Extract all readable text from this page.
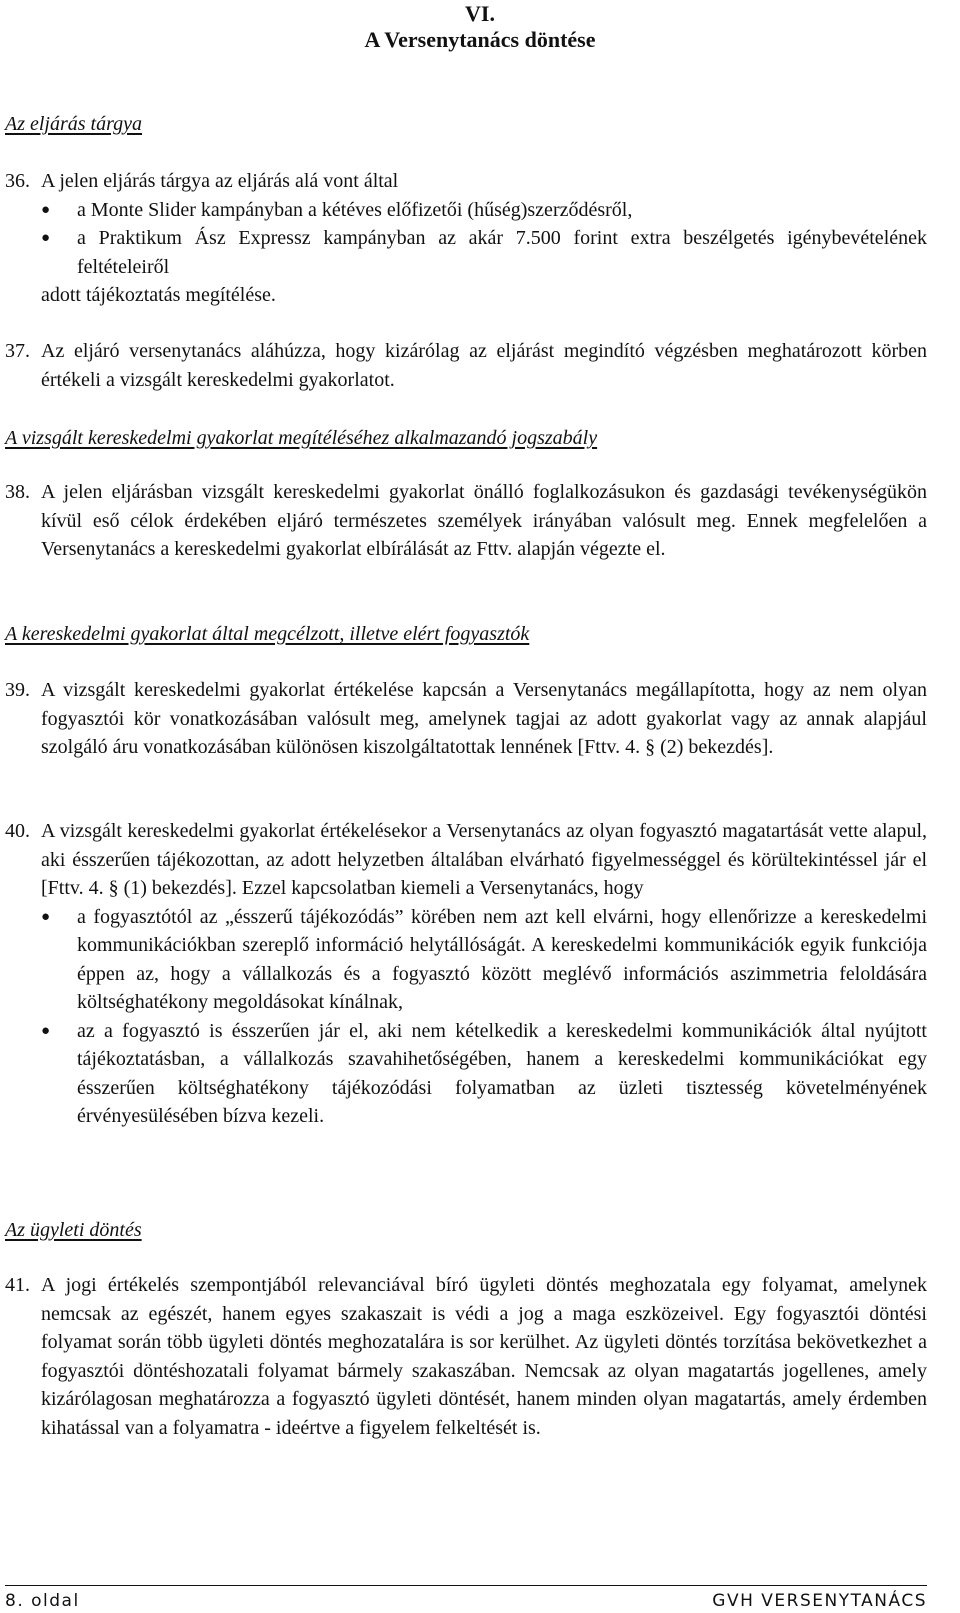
VI.
A Versenytanács döntése
Az eljárás tárgya
36. A jelen eljárás tárgya az eljárás alá vont által
●	a Monte Slider kampányban a kétéves előfizetői (hűség)szerződésről,
●	a Praktikum Ász Expressz kampányban az akár 7.500 forint extra beszélgetés igénybevételének feltételeiről
adott tájékoztatás megítélése.
37. Az eljáró versenytanács aláhúzza, hogy kizárólag az eljárást megindító végzésben meghatározott körben értékeli a vizsgált kereskedelmi gyakorlatot.
A vizsgált kereskedelmi gyakorlat megítéléséhez alkalmazandó jogszabály
38. A jelen eljárásban vizsgált kereskedelmi gyakorlat önálló foglalkozásukon és gazdasági tevékenységükön kívül eső célok érdekében eljáró természetes személyek irányában valósult meg. Ennek megfelelően a Versenytanács a kereskedelmi gyakorlat elbírálását az Fttv. alapján végezte el.
A kereskedelmi gyakorlat által megcélzott, illetve elért fogyasztók
39. A vizsgált kereskedelmi gyakorlat értékelése kapcsán a Versenytanács megállapította, hogy az nem olyan fogyasztói kör vonatkozásában valósult meg, amelynek tagjai az adott gyakorlat vagy az annak alapjául szolgáló áru vonatkozásában különösen kiszolgáltatottak lennének [Fttv. 4. § (2) bekezdés].
40. A vizsgált kereskedelmi gyakorlat értékelésekor a Versenytanács az olyan fogyasztó magatartását vette alapul, aki ésszerűen tájékozottan, az adott helyzetben általában elvárható figyelmességgel és körültekintéssel jár el [Fttv. 4. § (1) bekezdés]. Ezzel kapcsolatban kiemeli a Versenytanács, hogy
●	a fogyasztótól az „ésszerű tájékozódás” körében nem azt kell elvárni, hogy ellenőrizze a kereskedelmi kommunikációkban szereplő információ helytállóságát. A kereskedelmi kommunikációk egyik funkciója éppen az, hogy a vállalkozás és a fogyasztó között meglévő információs aszimmetria feloldására költséghatékony megoldásokat kínálnak,
●	az a fogyasztó is ésszerűen jár el, aki nem kételkedik a kereskedelmi kommunikációk által nyújtott tájékoztatásban, a vállalkozás szavahihetőségében, hanem a kereskedelmi kommunikációkat egy ésszerűen költséghatékony tájékozódási folyamatban az üzleti tisztesség követelményének érvényesülésében bízva kezeli.
Az ügyleti döntés
41. A jogi értékelés szempontjából relevanciával bíró ügyleti döntés meghozatala egy folyamat, amelynek nemcsak az egészét, hanem egyes szakaszait is védi a jog a maga eszközeivel. Egy fogyasztói döntési folyamat során több ügyleti döntés meghozatalára is sor kerülhet. Az ügyleti döntés torzítása bekövetkezhet a fogyasztói döntéshozatali folyamat bármely szakaszában. Nemcsak az olyan magatartás jogellenes, amely kizárólagosan meghatározza a fogyasztó ügyleti döntését, hanem minden olyan magatartás, amely érdemben kihatással van a folyamatra - ideértve a figyelem felkeltését is.
8. oldal	GVH VERSENYTANÁCS
